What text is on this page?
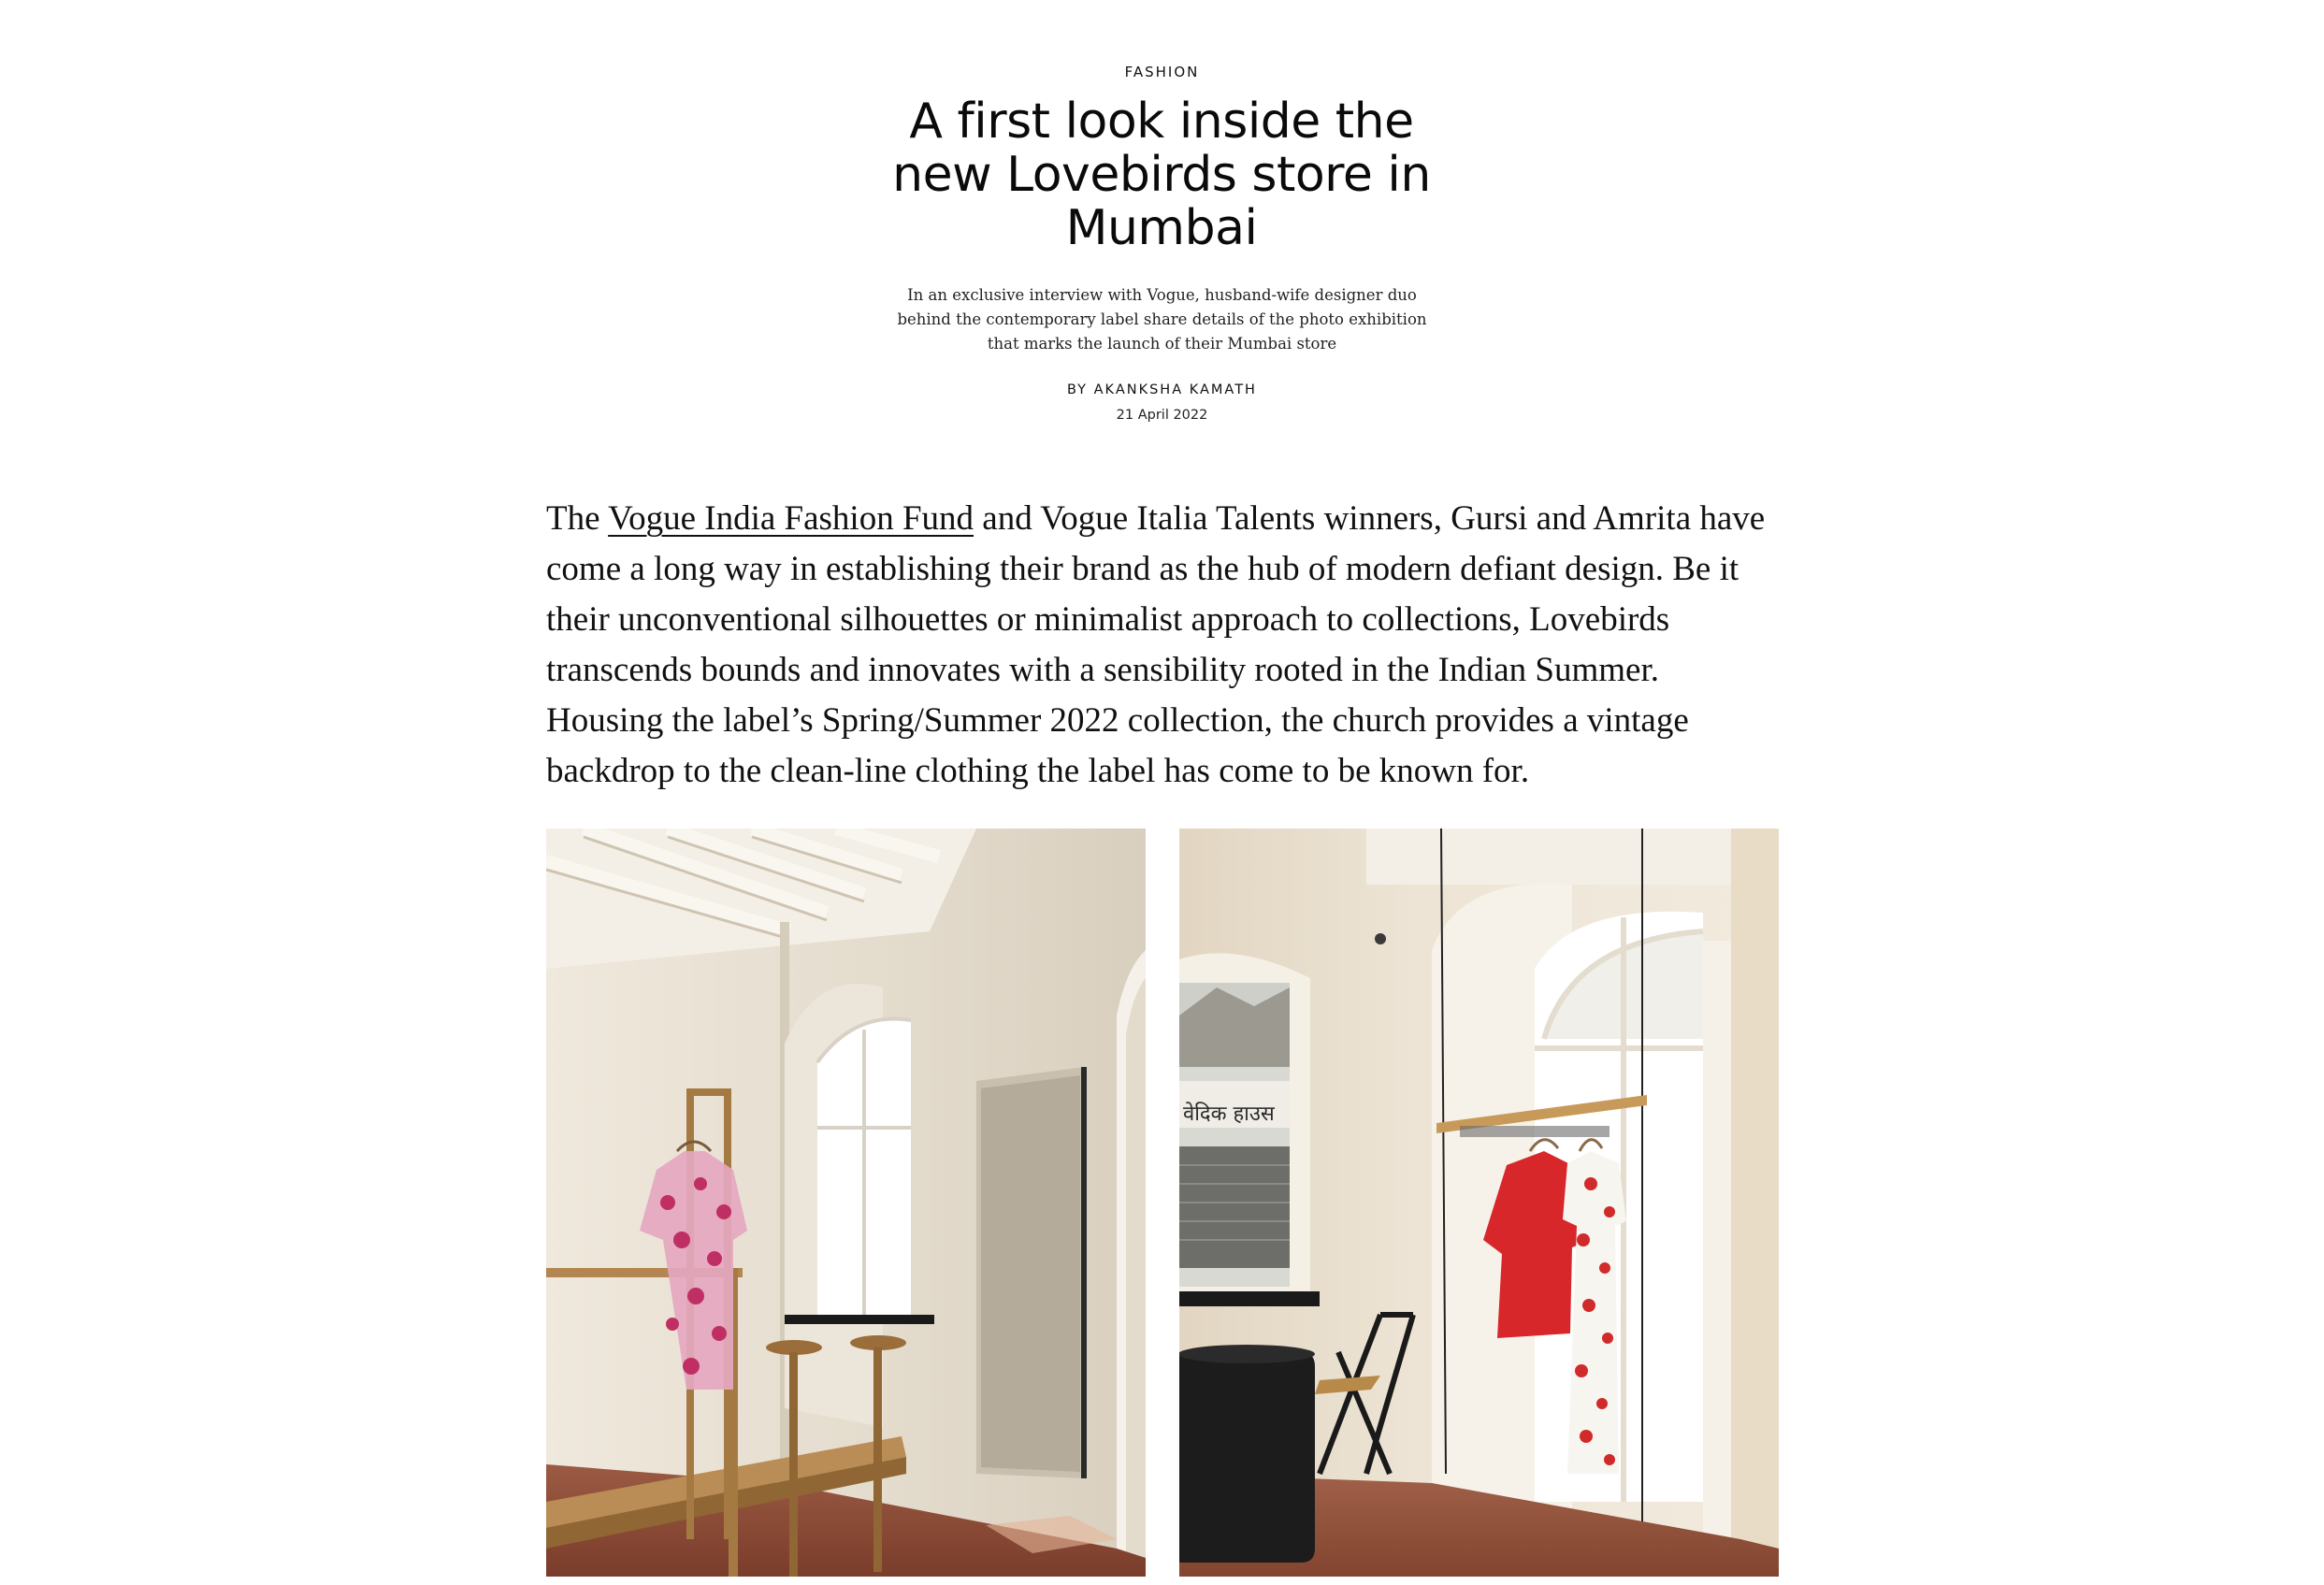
FASHION
A first look inside the new Lovebirds store in Mumbai

In an exclusive interview with Vogue, husband-wife designer duo behind the contemporary label share details of the photo exhibition that marks the launch of their Mumbai store

BY AKANKSHA KAMATH
21 April 2022

The Vogue India Fashion Fund and Vogue Italia Talents winners, Gursi and Amrita have come a long way in establishing their brand as the hub of modern defiant design. Be it their unconventional silhouettes or minimalist approach to collections, Lovebirds transcends bounds and innovates with a sensibility rooted in the Indian Summer. Housing the label’s Spring/Summer 2022 collection, the church provides a vintage backdrop to the clean-line clothing the label has come to be known for.

वेदिक हाउस
